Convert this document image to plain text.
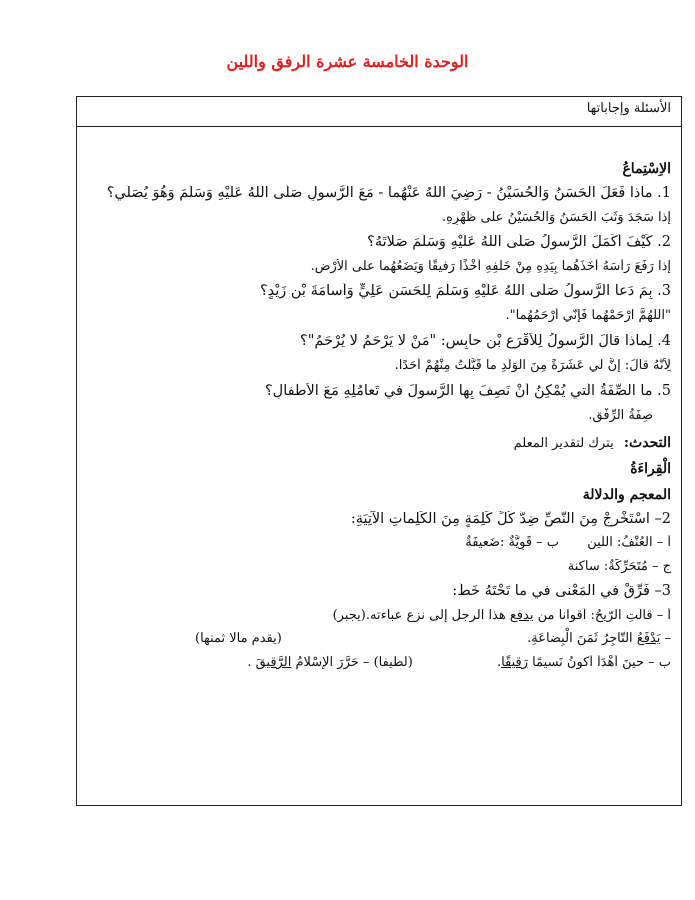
الوحدة الخامسة عشرة الرفق واللين
الأسئلة وإجاباتها
الاِسْتِماعُ
1. ماذا فَعَلَ الحَسَنُ وَالْحُسَيْنُ - رَضِيَ اللهُ عَنْهُما - مَعَ الرَّسولِ صَلّى اللهُ عَلَيْهِ وَسَلَّمَ وَهُوَ يُصَلّي؟
إذا سَجَدَ وَثَبَ الحَسَنُ وَالْحُسَيْنُ على ظَهْرِهِ.
2. كَيْفَ أَكْمَلَ الرَّسولُ صَلّى اللهُ عَلَيْهِ وَسَلَّمَ صَلاتَهُ؟
إذا رَفَعَ رَأْسَهُ أَخَذَهُما بِيَدِهِ مِنْ خَلْفِهِ أَخْذًا رَفيقًا وَيَضَعُهُما على الْأَرْضِ.
3. بِمَ دَعا الرَّسولُ صَلّى اللهُ عَلَيْهِ وَسَلَّمَ لِلْحَسَنِ عَلِيٍّ وَأُسامَةَ بْنِ زَيْدٍ؟
"اللَّهُمَّ ارْحَمْهُما فَإِنّي أَرْحَمُهُما".
4. لِماذا قالَ الرَّسولُ لِلْأَقْرَعِ بْنِ حابِسٍ: "مَنْ لا يَرْحَمُ لا يُرْحَمُ"؟
لِأَنَّهُ قالَ: إِنَّ لي عَشَرَةً مِنَ الْوَلَدِ ما قَبَّلْتُ مِنْهُمْ أَحَدًا.
5. ما الصِّفَةُ الَّتي يُمْكِنُ أَنْ نَصِفَ بِها الرَّسولَ في تَعامُلِهِ مَعَ الْأَطْفالِ؟
صِفَةُ الرِّفْقِ.
التحدث: يترك لتقدير المعلم
الْقِراءَةُ
المعجم والدلالة
2– اسْتَخْرِجْ مِنَ النَّصِّ ضِدَّ كُلِّ كَلِمَةٍ مِنَ الْكَلِماتِ الْآتِيَةِ:
أ – الْعُنْفُ: اللّين ب – قَوِيَّةٌ :ضَعيفَةٌ
ج – مُتَحَرِّكَةٌ: ساكنة
3– فَرِّقْ في الْمَعْنى في ما تَحْتَهُ خَطٌّ:
أ – قالَتِ الرّيحُ: أقوانا من يدفع هذا الرجل إلى نزع عباءته.(يجبر)
– يَدْفَعُ التّاجِرُ ثَمَنَ الْبِضاعَةِ.
(يقدم مالا ثمنها)
ب – حينَ أَهْدَأُ أَكونُ نَسيمًا رَقيقًا. (لطيفا) – حَرَّرَ الْإِسْلامُ الرَّقيقَ .
